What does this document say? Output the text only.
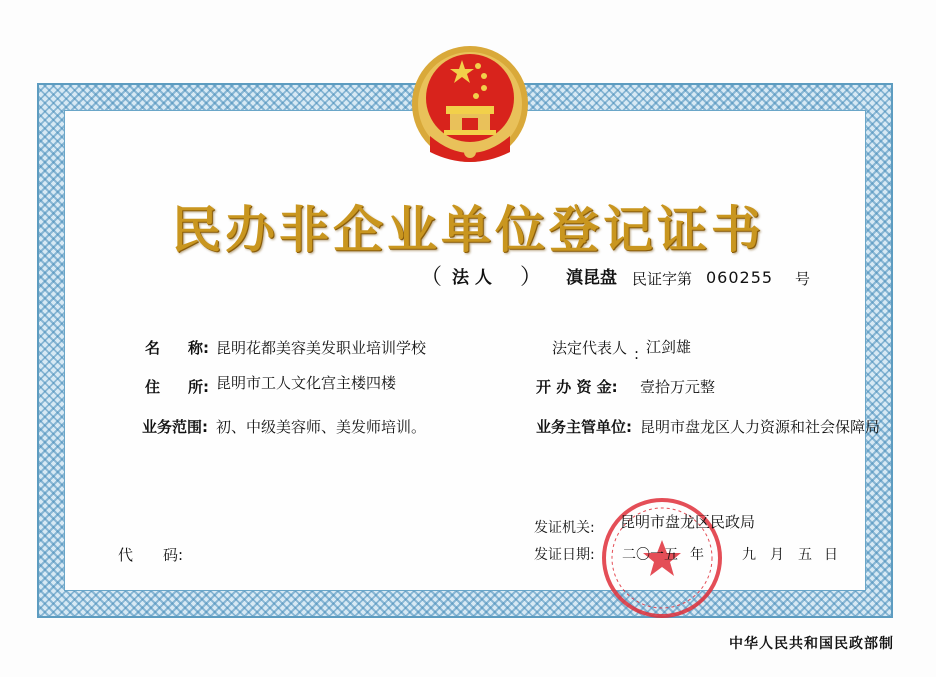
民办非企业单位登记证书
（ 法 人 ） 滇昆盘 民证字第 060255 号
名 称: 昆明花都美容美发职业培训学校
住 所: 昆明市工人文化宫主楼四楼
业务范围: 初、中级美容师、美发师培训。
法定代表人 : 江剑雄
开 办 资 金: 壹拾万元整
业务主管单位: 昆明市盘龙区人力资源和社会保障局
代　　码:
发证机关: 昆明市盘龙区民政局
发证日期: 二〇一五 年	九 月 五 日
中华人民共和国民政部制
